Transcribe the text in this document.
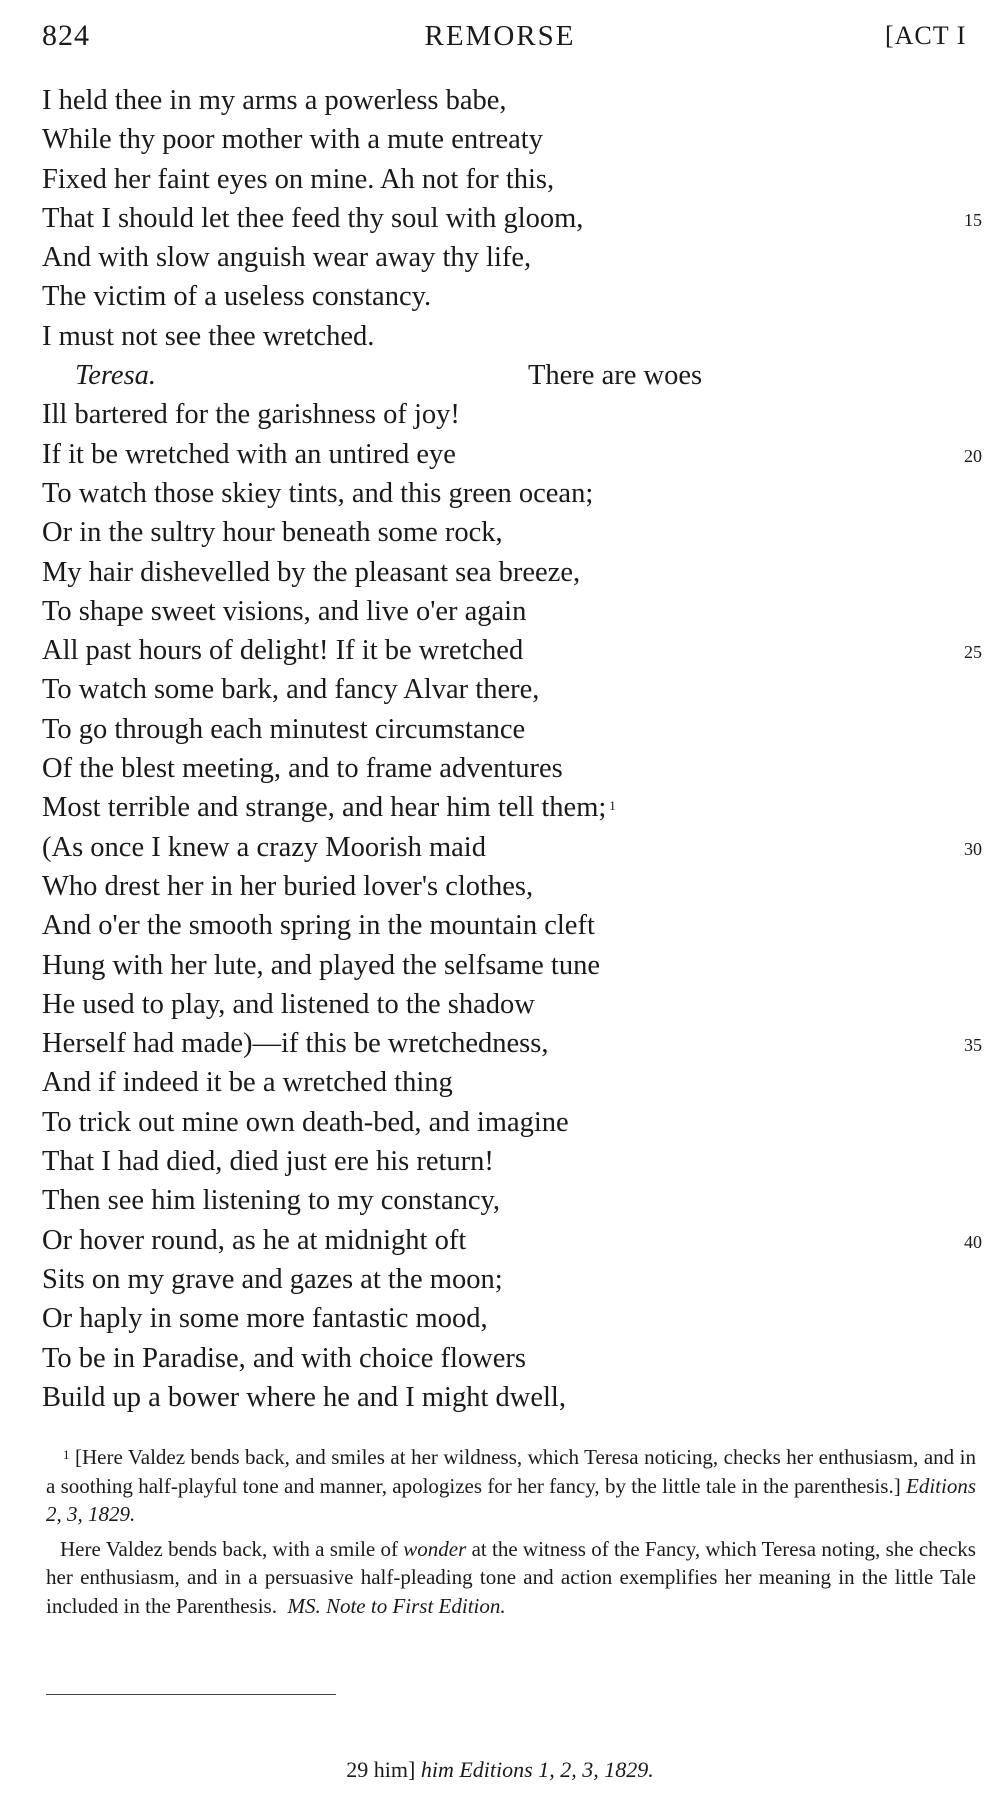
824	REMORSE	[ACT I
I held thee in my arms a powerless babe,
While thy poor mother with a mute entreaty
Fixed her faint eyes on mine. Ah not for this,
That I should let thee feed thy soul with gloom,	15
And with slow anguish wear away thy life,
The victim of a useless constancy.
I must not see thee wretched.
Teresa.	There are woes
Ill bartered for the garishness of joy!
If it be wretched with an untired eye	20
To watch those skiey tints, and this green ocean;
Or in the sultry hour beneath some rock,
My hair dishevelled by the pleasant sea breeze,
To shape sweet visions, and live o'er again
All past hours of delight! If it be wretched	25
To watch some bark, and fancy Alvar there,
To go through each minutest circumstance
Of the blest meeting, and to frame adventures
Most terrible and strange, and hear him tell them; $^1$
(As once I knew a crazy Moorish maid	30
Who drest her in her buried lover's clothes,
And o'er the smooth spring in the mountain cleft
Hung with her lute, and played the selfsame tune
He used to play, and listened to the shadow
Herself had made)—if this be wretchedness,	35
And if indeed it be a wretched thing
To trick out mine own death-bed, and imagine
That I had died, died just ere his return!
Then see him listening to my constancy,
Or hover round, as he at midnight oft	40
Sits on my grave and gazes at the moon;
Or haply in some more fantastic mood,
To be in Paradise, and with choice flowers
Build up a bower where he and I might dwell,

$^1$ [Here Valdez bends back, and smiles at her wildness, which Teresa noticing, checks her enthusiasm, and in a soothing half-playful tone and manner, apologizes for her fancy, by the little tale in the parenthesis.] Editions 2, 3, 1829.

Here Valdez bends back, with a smile of wonder at the witness of the Fancy, which Teresa noting, she checks her enthusiasm, and in a persuasive half-pleading tone and action exemplifies her meaning in the little Tale included in the Parenthesis. MS. Note to First Edition.

29 him] him Editions 1, 2, 3, 1829.
